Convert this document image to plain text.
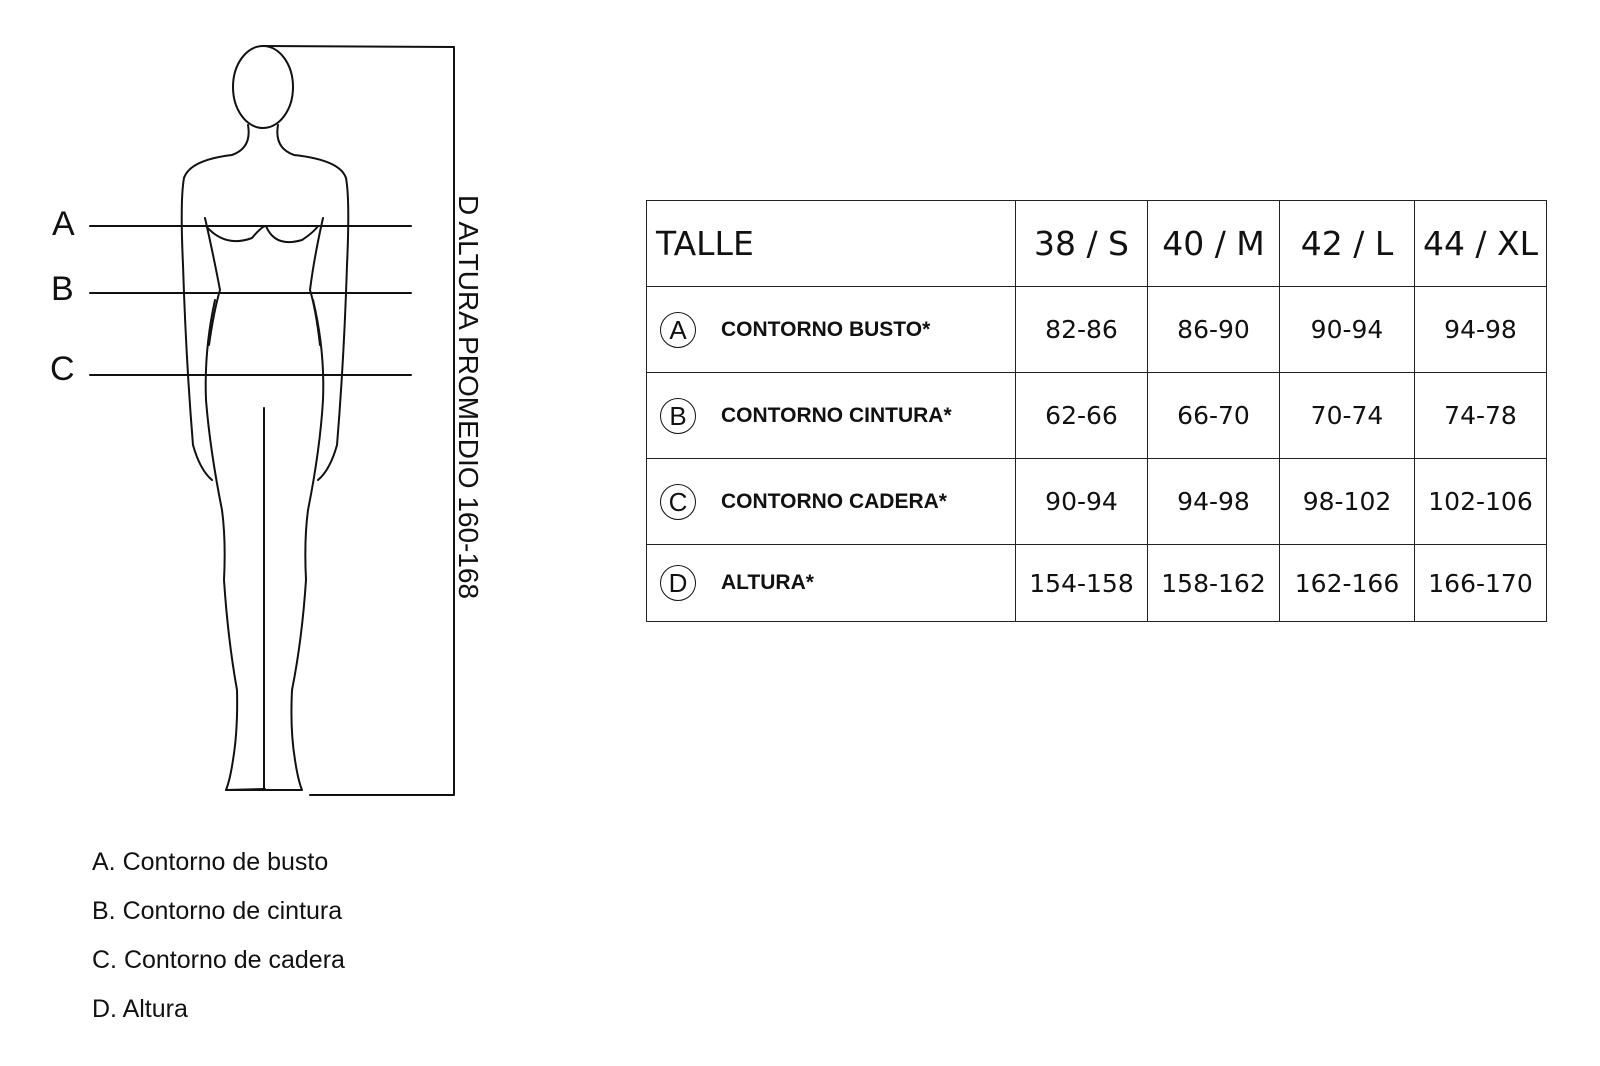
A
B
C	D ALTURA PROMEDIO 160-168
A. Contorno de busto
B. Contorno de cintura
C. Contorno de cadera
D. Altura
TALLE	38 / S	40 / M	42 / L	44 / XL
A CONTORNO BUSTO*	82-86	86-90	90-94	94-98
B CONTORNO CINTURA*	62-66	66-70	70-74	74-78
C CONTORNO CADERA*	90-94	94-98	98-102	102-106
D ALTURA*	154-158	158-162	162-166	166-170
